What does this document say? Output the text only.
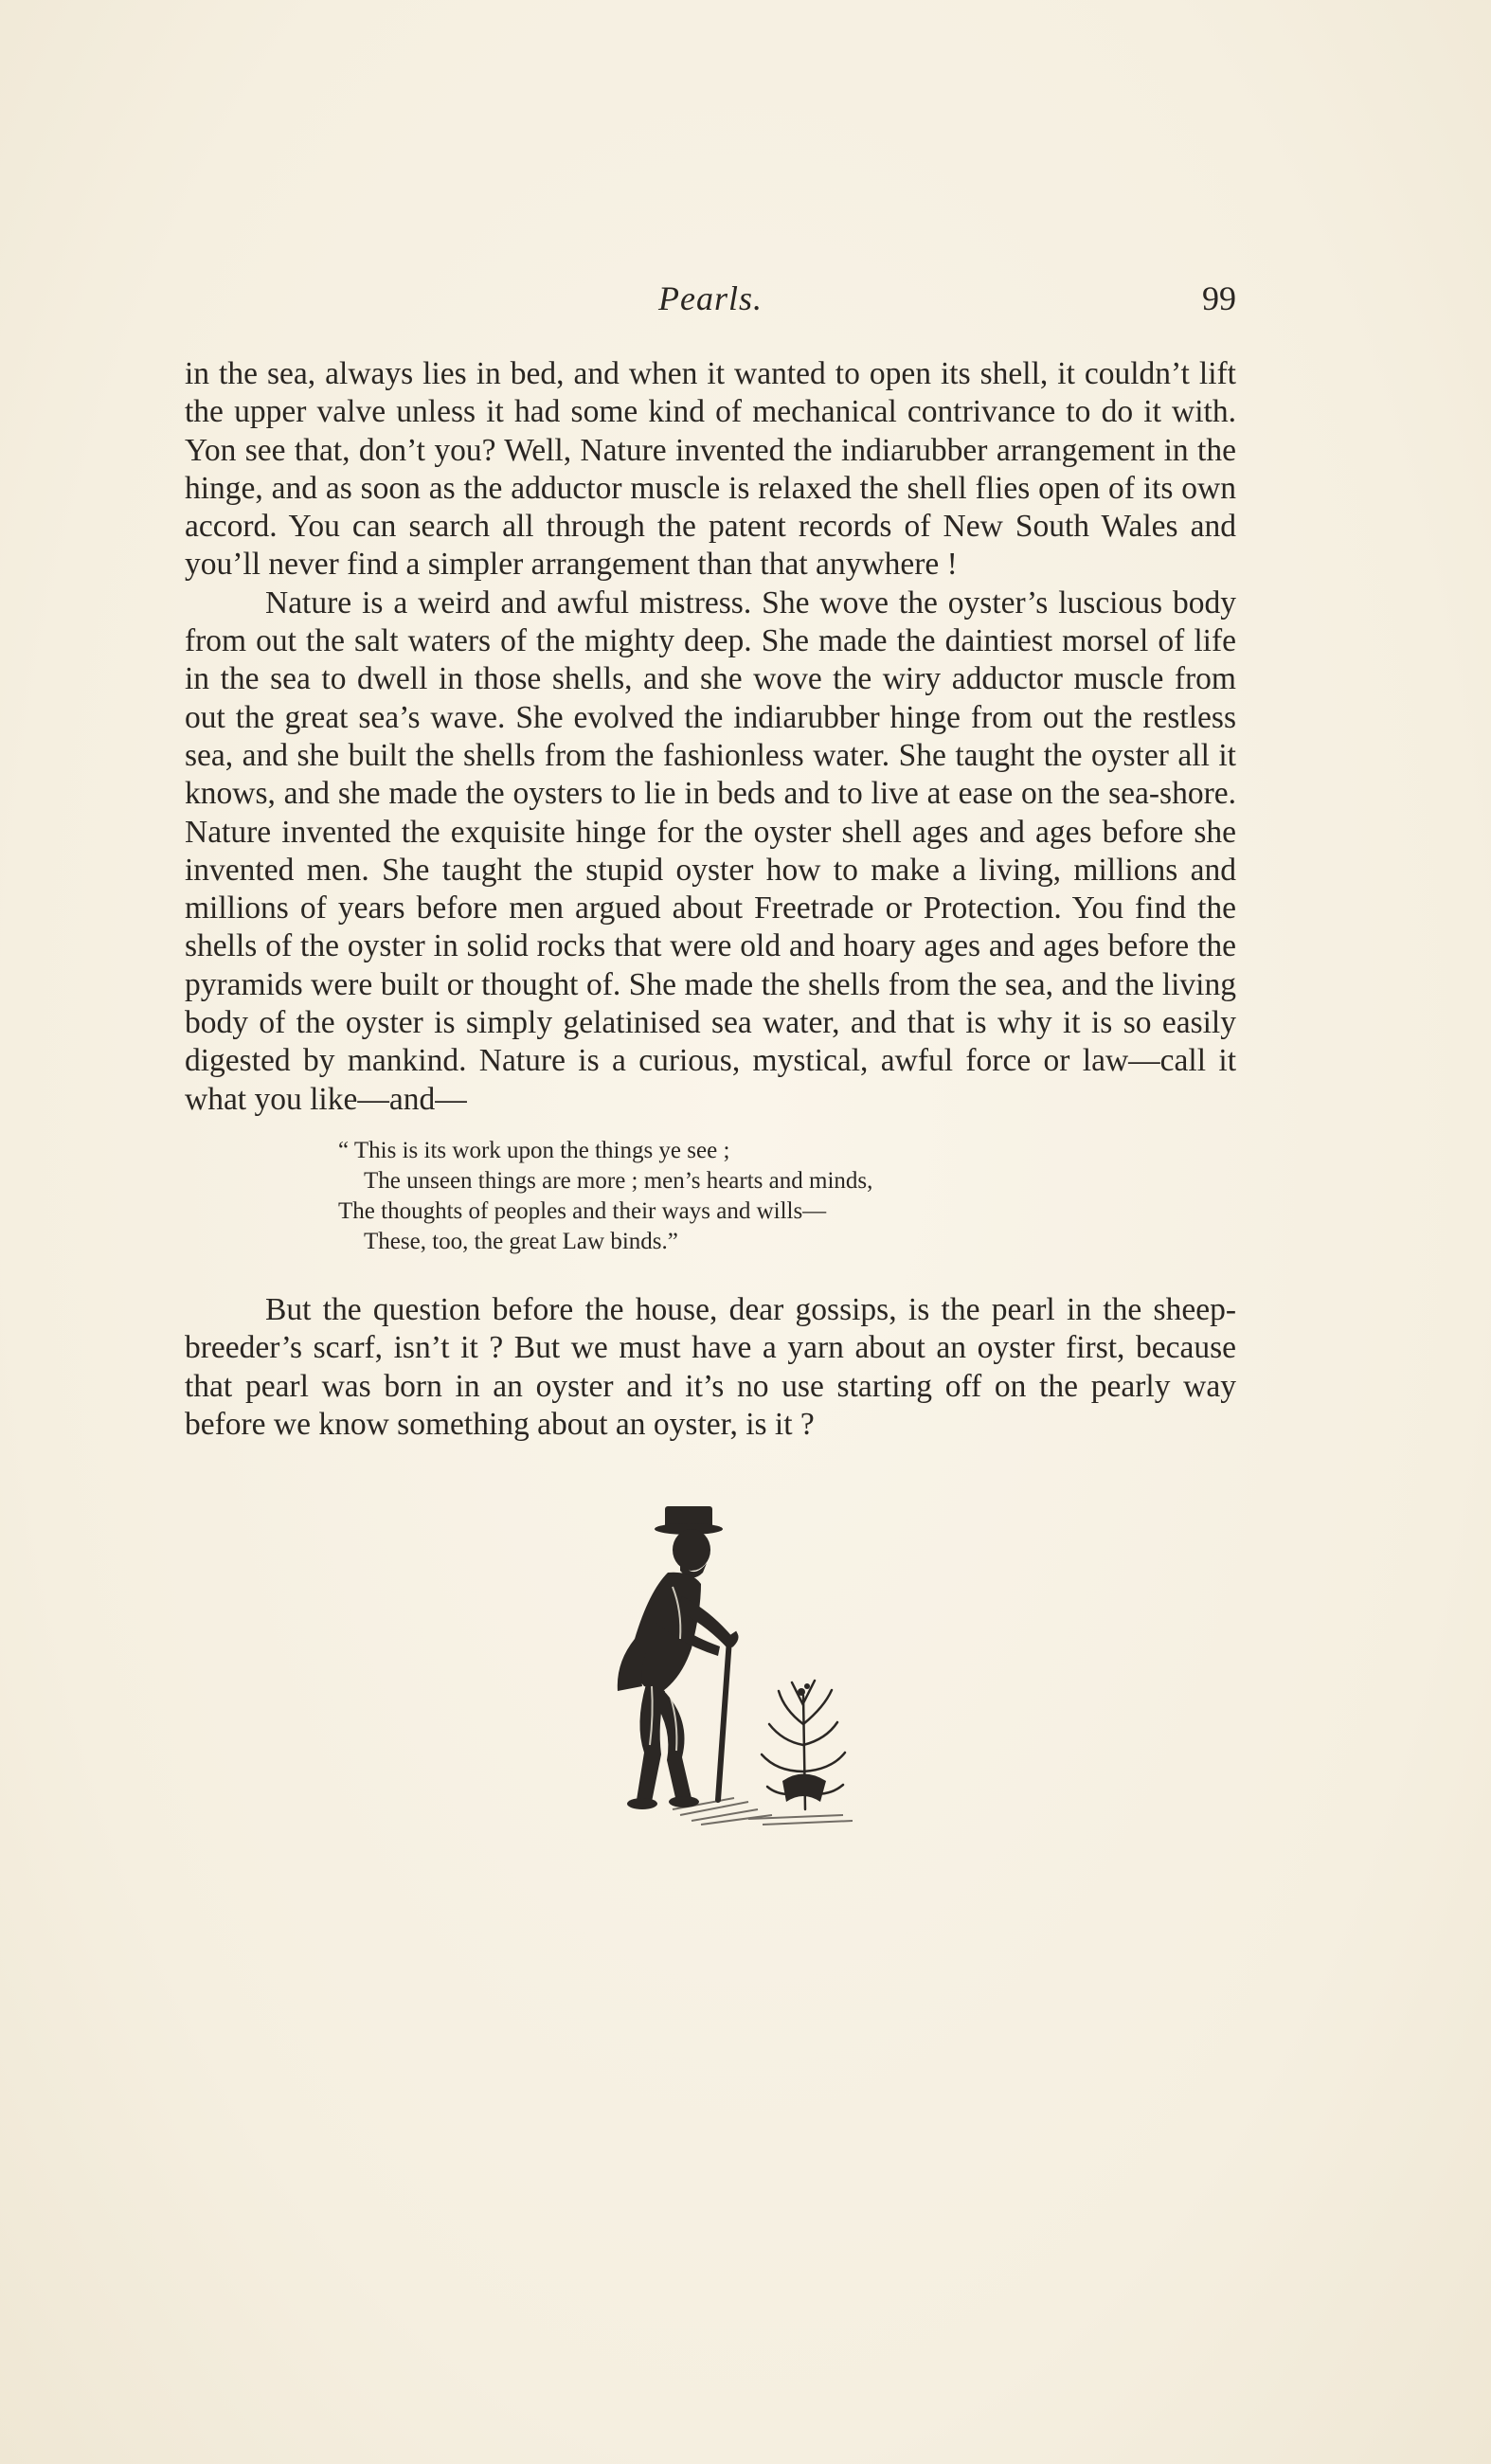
Pearls.	99

in the sea, always lies in bed, and when it wanted to open its shell, it couldn’t lift the upper valve unless it had some kind of mechanical contrivance to do it with. Yon see that, don’t you? Well, Nature invented the indiarubber arrangement in the hinge, and as soon as the adductor muscle is relaxed the shell flies open of its own accord. You can search all through the patent records of New South Wales and you’ll never find a simpler arrangement than that anywhere !

Nature is a weird and awful mistress. She wove the oyster’s luscious body from out the salt waters of the mighty deep. She made the daintiest morsel of life in the sea to dwell in those shells, and she wove the wiry adductor muscle from out the great sea’s wave. She evolved the indiarubber hinge from out the restless sea, and she built the shells from the fashionless water. She taught the oyster all it knows, and she made the oysters to lie in beds and to live at ease on the sea-shore. Nature invented the exquisite hinge for the oyster shell ages and ages before she invented men. She taught the stupid oyster how to make a living, millions and millions of years before men argued about Freetrade or Protection. You find the shells of the oyster in solid rocks that were old and hoary ages and ages before the pyramids were built or thought of. She made the shells from the sea, and the living body of the oyster is simply gelatinised sea water, and that is why it is so easily digested by mankind. Nature is a curious, mystical, awful force or law—call it what you like—and—

“ This is its work upon the things ye see ;
The unseen things are more ; men’s hearts and minds,
The thoughts of peoples and their ways and wills—
These, too, the great Law binds.”

But the question before the house, dear gossips, is the pearl in the sheep-breeder’s scarf, isn’t it ? But we must have a yarn about an oyster first, because that pearl was born in an oyster and it’s no use starting off on the pearly way before we know something about an oyster, is it ?
